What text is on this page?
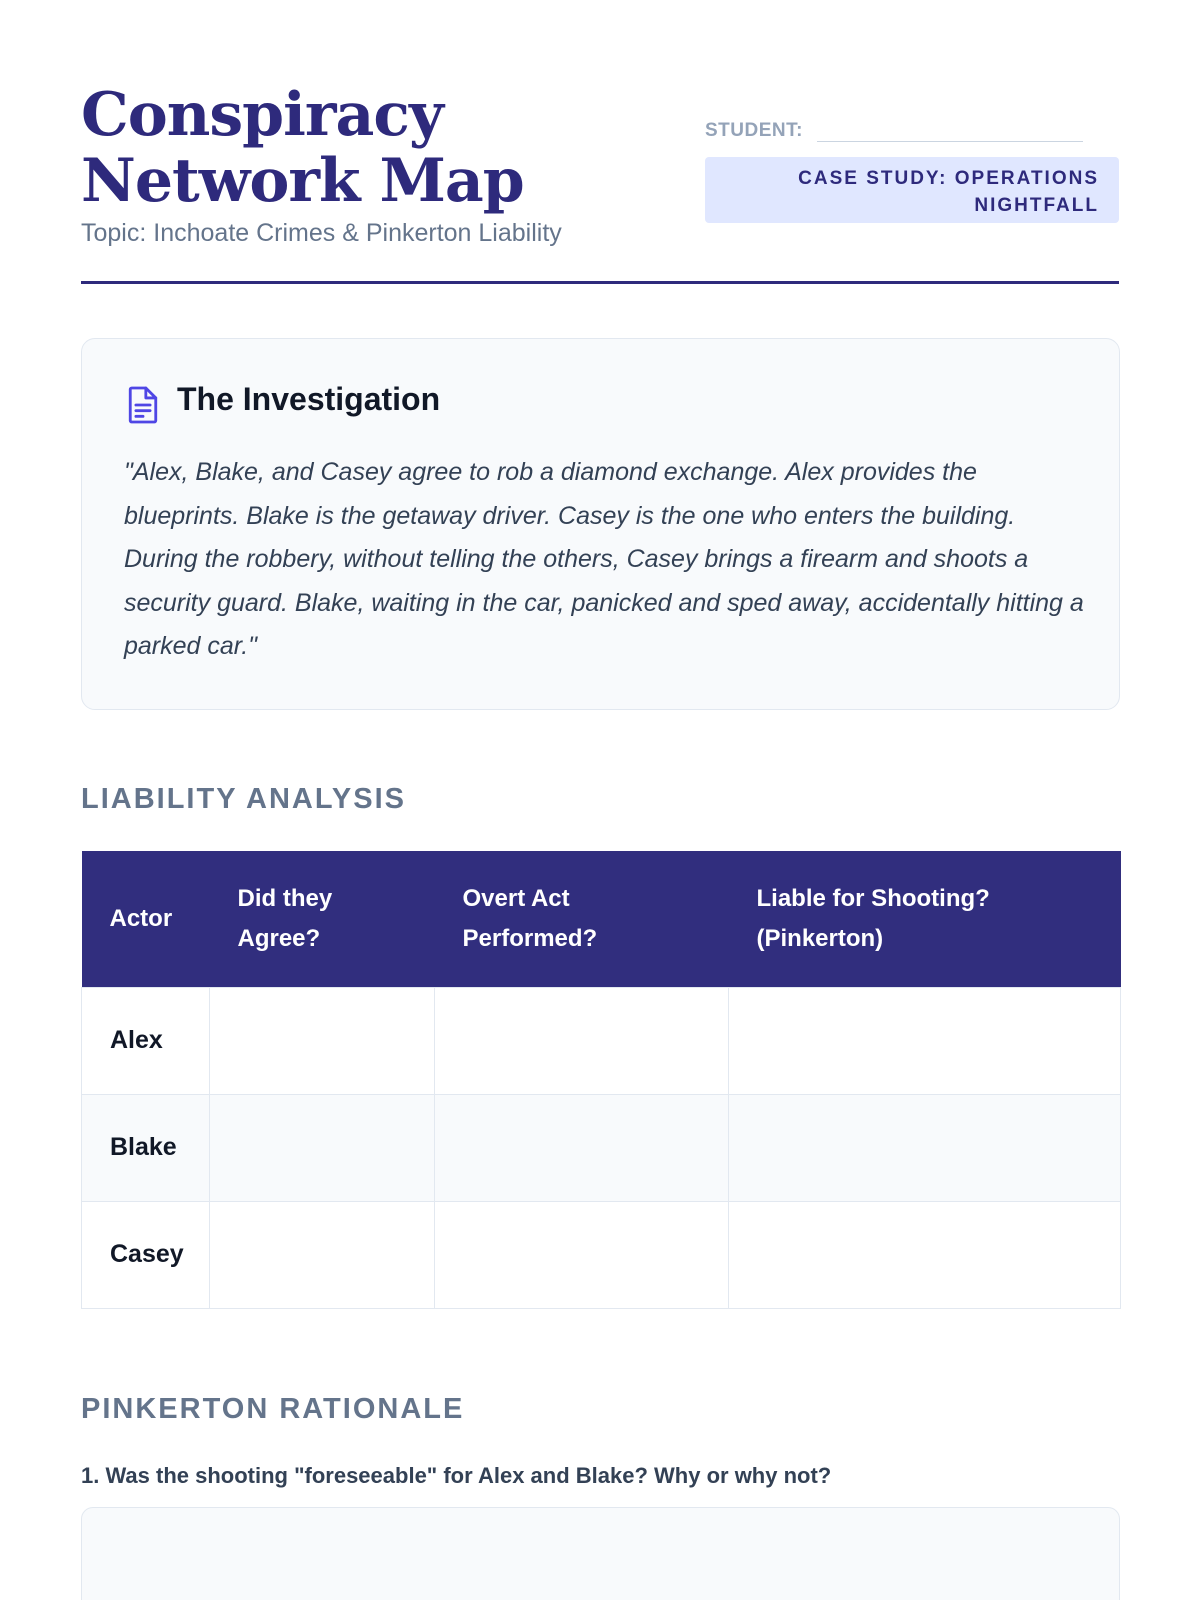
Conspiracy Network Map
Topic: Inchoate Crimes & Pinkerton Liability
STUDENT:
CASE STUDY: OPERATIONS NIGHTFALL
The Investigation

"Alex, Blake, and Casey agree to rob a diamond exchange. Alex provides the blueprints. Blake is the getaway driver. Casey is the one who enters the building. During the robbery, without telling the others, Casey brings a firearm and shoots a security guard. Blake, waiting in the car, panicked and sped away, accidentally hitting a parked car."

LIABILITY ANALYSIS
Actor	Did they Agree?	Overt Act Performed?	Liable for Shooting? (Pinkerton)
Alex			
Blake			
Casey			
PINKERTON RATIONALE
1. Was the shooting "foreseeable" for Alex and Blake? Why or why not?
